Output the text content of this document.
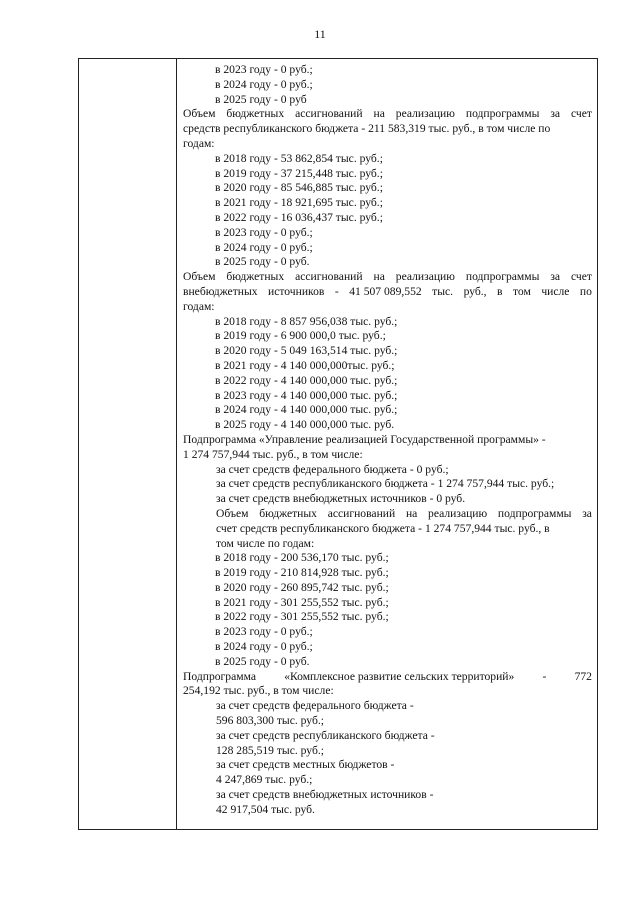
11
в 2023 году - 0 руб.;
в 2024 году - 0 руб.;
в 2025 году - 0 руб
Объем бюджетных ассигнований на реализацию подпрограммы за счет
средств республиканского бюджета - 211 583,319 тыс. руб., в том числе по
годам:
в 2018 году - 53 862,854 тыс. руб.;
в 2019 году - 37 215,448 тыс. руб.;
в 2020 году - 85 546,885 тыс. руб.;
в 2021 году - 18 921,695 тыс. руб.;
в 2022 году - 16 036,437 тыс. руб.;
в 2023 году - 0 руб.;
в 2024 году - 0 руб.;
в 2025 году - 0 руб.
Объем бюджетных ассигнований на реализацию подпрограммы за счет
внебюджетных источников - 41 507 089,552 тыс. руб., в том числе по
годам:
в 2018 году - 8 857 956,038 тыс. руб.;
в 2019 году - 6 900 000,0 тыс. руб.;
в 2020 году - 5 049 163,514 тыс. руб.;
в 2021 году - 4 140 000,000тыс. руб.;
в 2022 году - 4 140 000,000 тыс. руб.;
в 2023 году - 4 140 000,000 тыс. руб.;
в 2024 году - 4 140 000,000 тыс. руб.;
в 2025 году - 4 140 000,000 тыс. руб.
Подпрограмма «Управление реализацией Государственной программы» -
1 274 757,944 тыс. руб., в том числе:
за счет средств федерального бюджета - 0 руб.;
за счет средств республиканского бюджета - 1 274 757,944 тыс. руб.;
за счет средств внебюджетных источников - 0 руб.
Объем бюджетных ассигнований на реализацию подпрограммы за
счет средств республиканского бюджета - 1 274 757,944 тыс. руб., в
том числе по годам:
в 2018 году - 200 536,170 тыс. руб.;
в 2019 году - 210 814,928 тыс. руб.;
в 2020 году - 260 895,742 тыс. руб.;
в 2021 году - 301 255,552 тыс. руб.;
в 2022 году - 301 255,552 тыс. руб.;
в 2023 году - 0 руб.;
в 2024 году - 0 руб.;
в 2025 году - 0 руб.
Подпрограмма «Комплексное развитие сельских территорий» - 772
254,192 тыс. руб., в том числе:
за счет средств федерального бюджета -
596 803,300 тыс. руб.;
за счет средств республиканского бюджета -
128 285,519 тыс. руб.;
за счет средств местных бюджетов -
4 247,869 тыс. руб.;
за счет средств внебюджетных источников -
42 917,504 тыс. руб.
